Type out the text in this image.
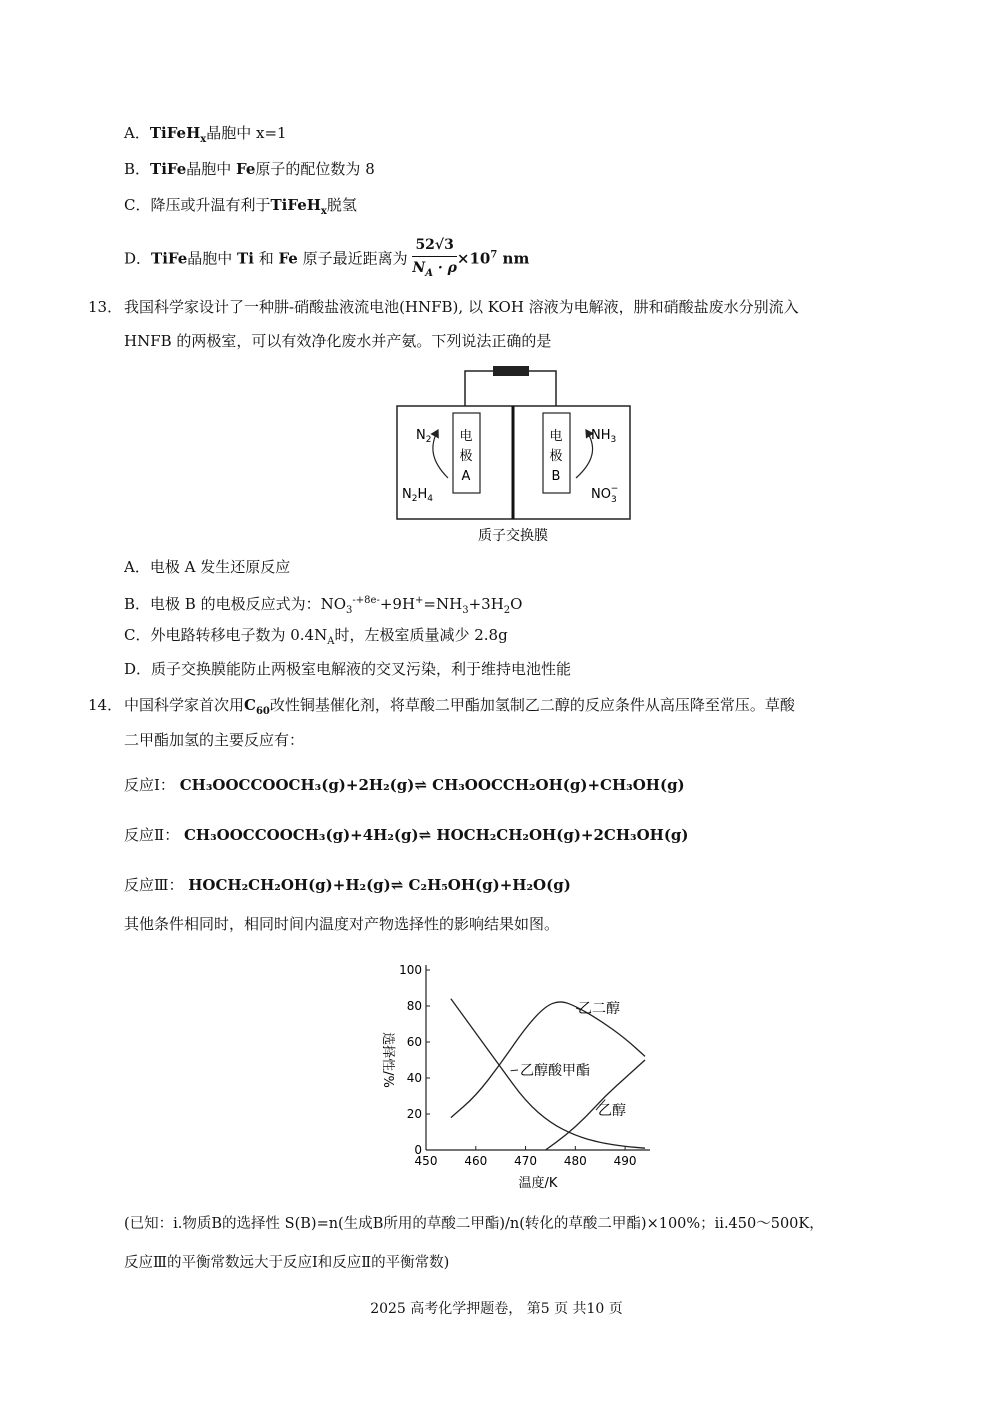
A．TiFeH$_x$晶胞中 x=1
B．TiFe晶胞中 Fe原子的配位数为 8
C．降压或升温有利于TiFeH$_x$脱氢
D．TiFe晶胞中 Ti 和 Fe 原子最近距离为 $\frac{52√3}{N_A \cdot \rho} \times 10^7$ nm
13． 我国科学家设计了一种肼-硝酸盐液流电池(HNFB), 以 KOH 溶液为电解液，肼和硝酸盐废水分别流入
HNFB 的两极室，可以有效净化废水并产氨。下列说法正确的是
电
极
A
电
极
B
$N_2$
$N_2H_4$
$NH_3$
$NO_3-$
质子交换膜
A．电极 A 发生还原反应
B．电极 B 的电极反应式为：$NO_3^{-+8e-}+9H^+=NH_3+3H_2O$
C．外电路转移电子数为 $0.4N_A$时，左极室质量减少 2.8g
D．质子交换膜能防止两极室电解液的交叉污染，利于维持电池性能
14． 中国科学家首次用$C_{60}$改性铜基催化剂，将草酸二甲酯加氢制乙二醇的反应条件从高压降至常压。草酸
二甲酯加氢的主要反应有：
反应Ⅰ： CH₃OOCCOOCH₃(g)+2H₂(g)⇌ CH₃OOCCH₂OH(g)+CH₃OH(g)
反应Ⅱ： CH₃OOCCOOCH₃(g)+4H₂(g)⇌ HOCH₂CH₂OH(g)+2CH₃OH(g)
反应Ⅲ： HOCH₂CH₂OH(g)+H₂(g)⇌ C₂H₅OH(g)+H₂O(g)
其他条件相同时，相同时间内温度对产物选择性的影响结果如图。
0
20
40
60
80
100
450 460 470 480 490
温度/K
选择性/%
乙二醇
乙醇酸甲酯
乙醇
(已知：i.物质B的选择性 S(B)=n(生成B所用的草酸二甲酯)/n(转化的草酸二甲酯)×100%；ii.450～500K，
反应Ⅲ的平衡常数远大于反应Ⅰ和反应Ⅱ的平衡常数)
2025 高考化学押题卷， 第5 页 共10 页
